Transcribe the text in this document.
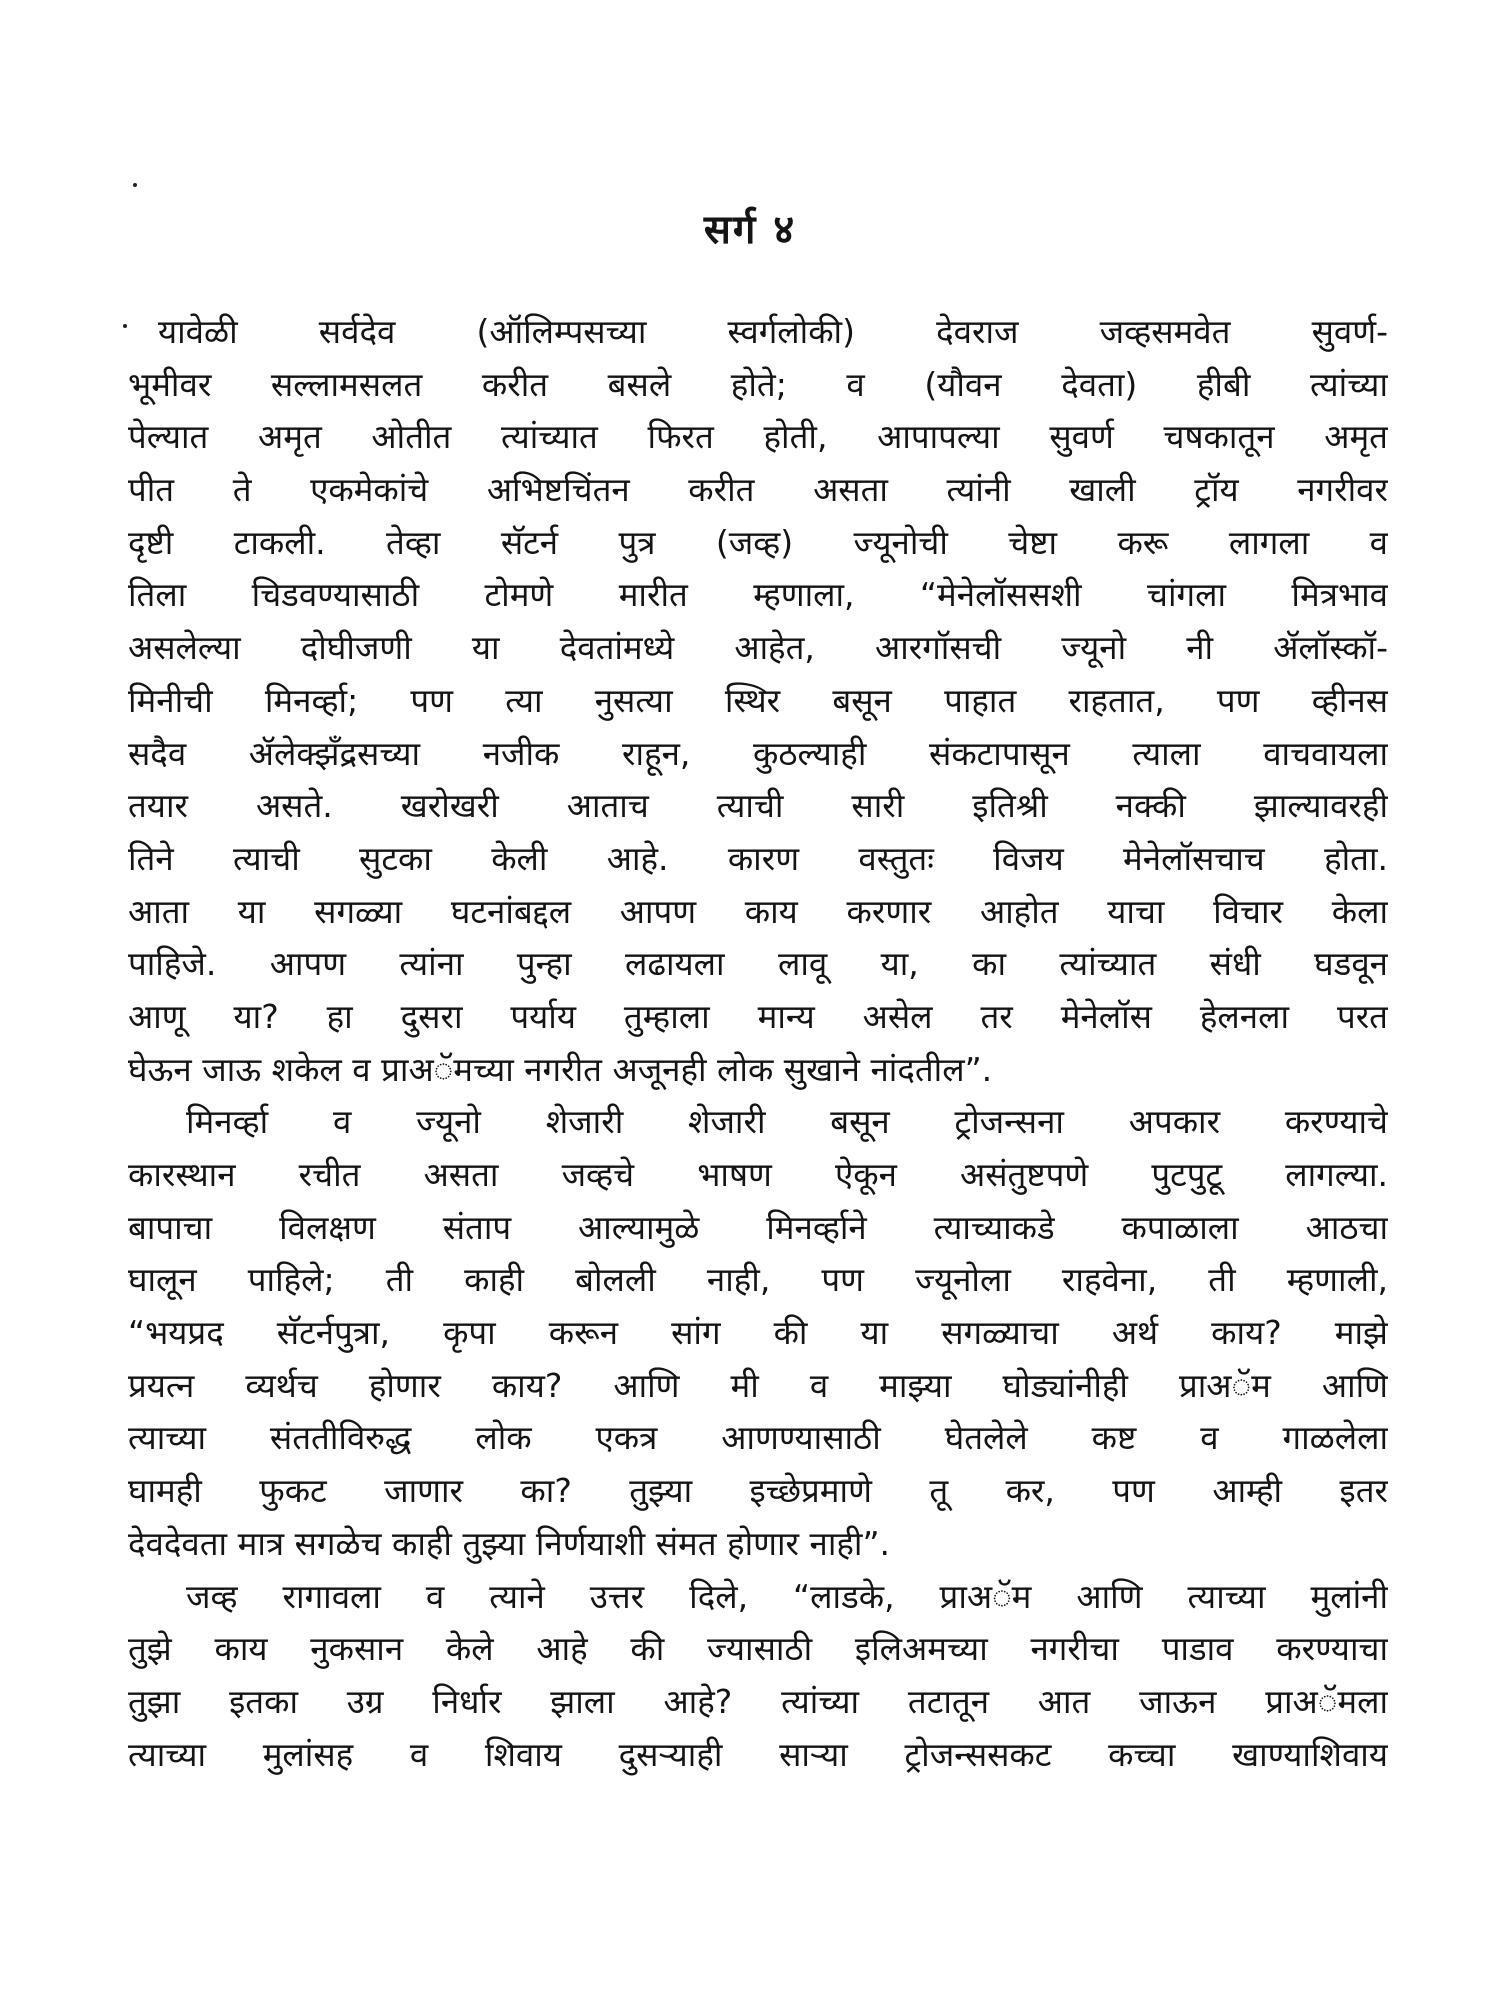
सर्ग ४
यावेळी सर्वदेव (ऑलिम्पसच्या स्वर्गलोकी) देवराज जव्हसमवेत सुवर्ण-
भूमीवर सल्लामसलत करीत बसले होते; व (यौवन देवता) हीबी त्यांच्या
पेल्यात अमृत ओतीत त्यांच्यात फिरत होती, आपापल्या सुवर्ण चषकातून अमृत
पीत ते एकमेकांचे अभिष्टचिंतन करीत असता त्यांनी खाली ट्रॉय नगरीवर
दृष्टी टाकली. तेव्हा सॅटर्न पुत्र (जव्ह) ज्यूनोची चेष्टा करू लागला व
तिला चिडवण्यासाठी टोमणे मारीत म्हणाला, “मेनेलॉससशी चांगला मित्रभाव
असलेल्या दोघीजणी या देवतांमध्ये आहेत, आरगॉसची ज्यूनो नी ॲलॉस्कॉ-
मिनीची मिनर्व्हा; पण त्या नुसत्या स्थिर बसून पाहात राहतात, पण व्हीनस
सदैव ॲलेक्झँद्रसच्या नजीक राहून, कुठल्याही संकटापासून त्याला वाचवायला
तयार असते. खरोखरी आताच त्याची सारी इतिश्री नक्की झाल्यावरही
तिने त्याची सुटका केली आहे. कारण वस्तुतः विजय मेनेलॉसचाच होता.
आता या सगळ्या घटनांबद्दल आपण काय करणार आहोत याचा विचार केला
पाहिजे. आपण त्यांना पुन्हा लढायला लावू या, का त्यांच्यात संधी घडवून
आणू या? हा दुसरा पर्याय तुम्हाला मान्य असेल तर मेनेलॉस हेलनला परत
घेऊन जाऊ शकेल व प्राअॅमच्या नगरीत अजूनही लोक सुखाने नांदतील”.
मिनर्व्हा व ज्यूनो शेजारी शेजारी बसून ट्रोजन्सना अपकार करण्याचे
कारस्थान रचीत असता जव्हचे भाषण ऐकून असंतुष्टपणे पुटपुटू लागल्या.
बापाचा विलक्षण संताप आल्यामुळे मिनर्व्हाने त्याच्याकडे कपाळाला आठचा
घालून पाहिले; ती काही बोलली नाही, पण ज्यूनोला राहवेना, ती म्हणाली,
“भयप्रद सॅटर्नपुत्रा, कृपा करून सांग की या सगळ्याचा अर्थ काय? माझे
प्रयत्न व्यर्थच होणार काय? आणि मी व माझ्या घोड्यांनीही प्राअॅम आणि
त्याच्या संततीविरुद्ध लोक एकत्र आणण्यासाठी घेतलेले कष्ट व गाळलेला
घामही फुकट जाणार का? तुझ्या इच्छेप्रमाणे तू कर, पण आम्ही इतर
देवदेवता मात्र सगळेच काही तुझ्या निर्णयाशी संमत होणार नाही”.
जव्ह रागावला व त्याने उत्तर दिले, “लाडके, प्राअॅम आणि त्याच्या मुलांनी
तुझे काय नुकसान केले आहे की ज्यासाठी इलिअमच्या नगरीचा पाडाव करण्याचा
तुझा इतका उग्र निर्धार झाला आहे? त्यांच्या तटातून आत जाऊन प्राअॅमला
त्याच्या मुलांसह व शिवाय दुसऱ्याही साऱ्या ट्रोजन्ससकट कच्चा खाण्याशिवाय
